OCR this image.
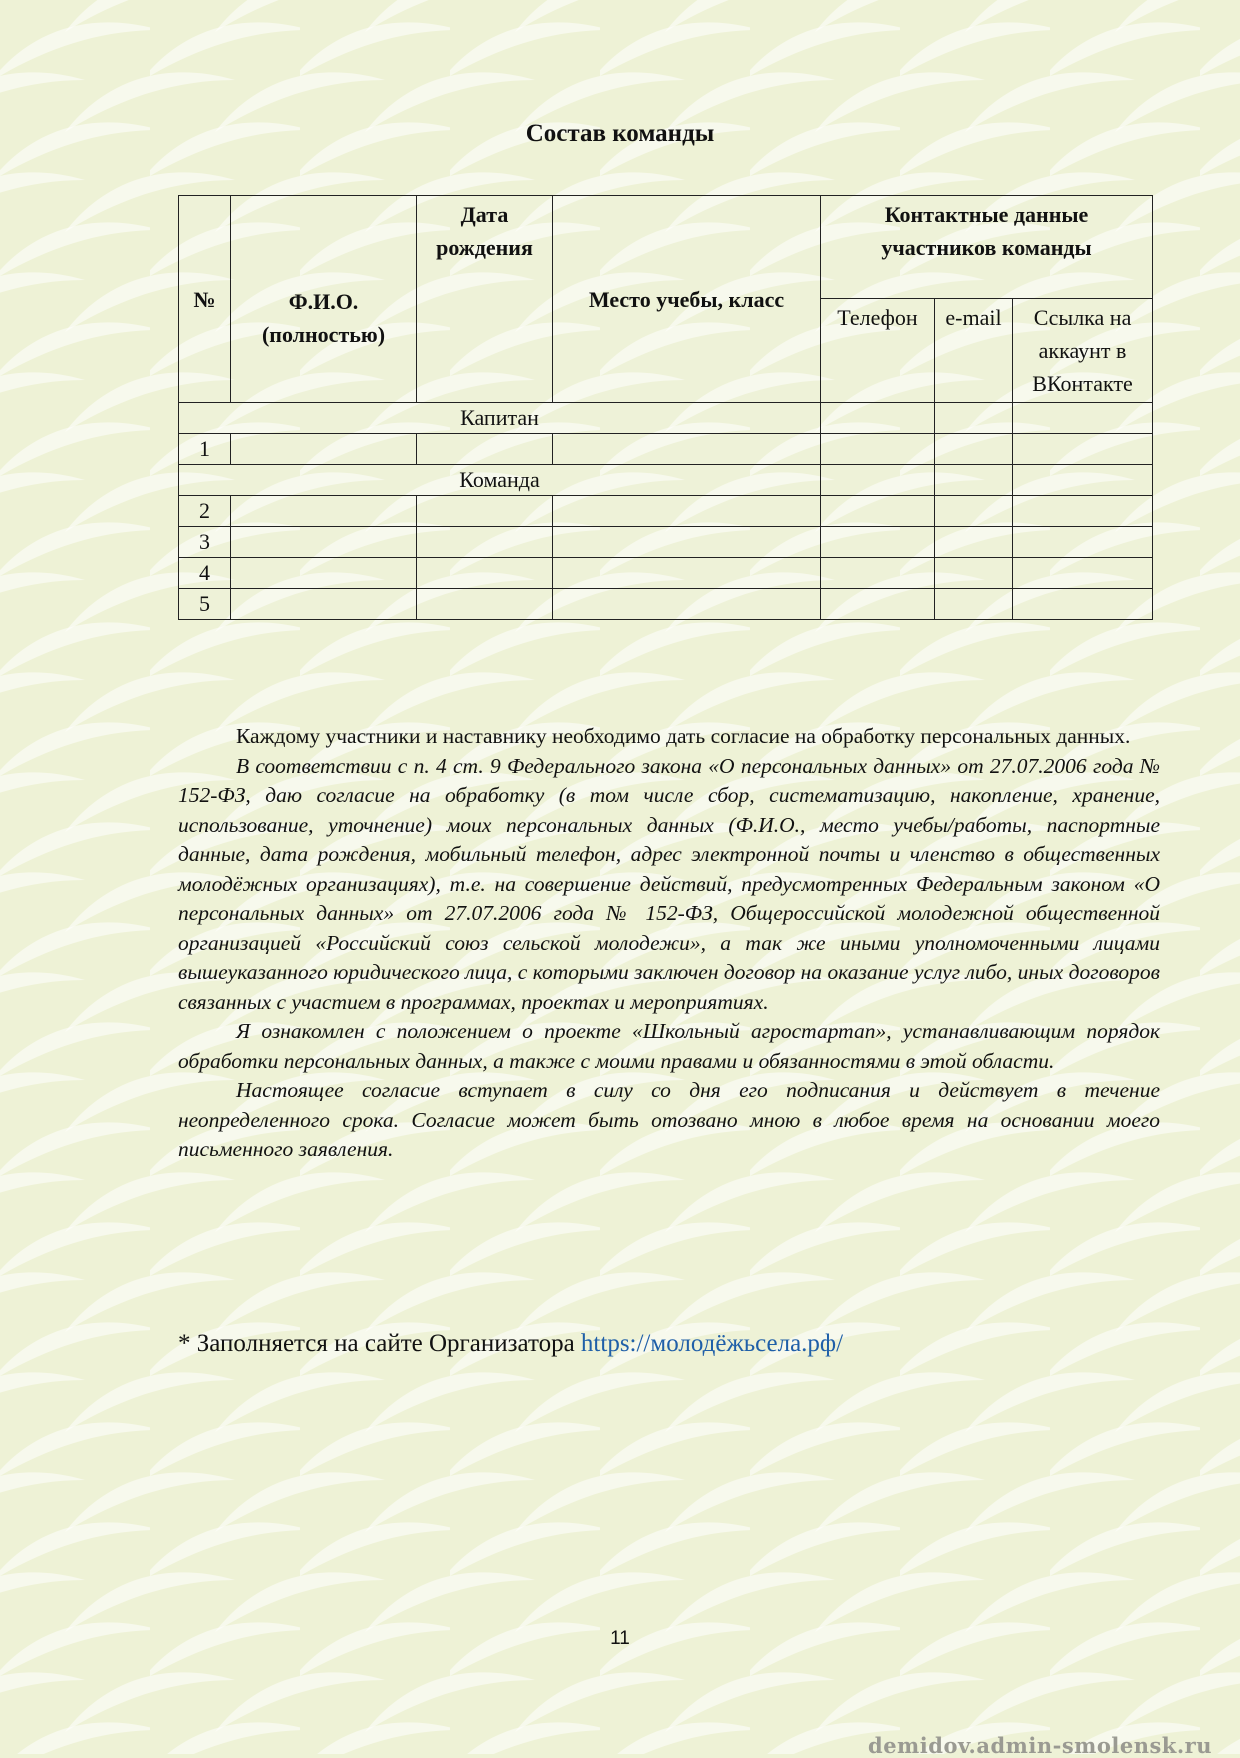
Состав команды
№	Ф.И.О. (полностью)	Дата рождения	Место учебы, класс	Контактные данные участников команды		
				Телефон	e-mail	Ссылка на аккаунт в ВКонтакте
Капитан						
1						
Команда						
2						
3						
4						
5						

Каждому участники и наставнику необходимо дать согласие на обработку персональных данных.

В соответствии с п. 4 ст. 9 Федерального закона «О персональных данных» от 27.07.2006 года № 152-ФЗ, даю согласие на обработку (в том числе сбор, систематизацию, накопление, хранение, использование, уточнение) моих персональных данных (Ф.И.О., место учебы/работы, паспортные данные, дата рождения, мобильный телефон, адрес электронной почты и членство в общественных молодёжных организациях), т.е. на совершение действий, предусмотренных Федеральным законом «О персональных данных» от 27.07.2006 года № 152-ФЗ, Общероссийской молодежной общественной организацией «Российский союз сельской молодежи», а так же иными уполномоченными лицами вышеуказанного юридического лица, с которыми заключен договор на оказание услуг либо, иных договоров связанных с участием в программах, проектах и мероприятиях.

Я ознакомлен с положением о проекте «Школьный агростартап», устанавливающим порядок обработки персональных данных, а также с моими правами и обязанностями в этой области.

Настоящее согласие вступает в силу со дня его подписания и действует в течение неопределенного срока. Согласие может быть отозвано мною в любое время на основании моего письменного заявления.

* Заполняется на сайте Организатора https://молодёжьсела.рф/
11
demidov.admin-smolensk.ru
